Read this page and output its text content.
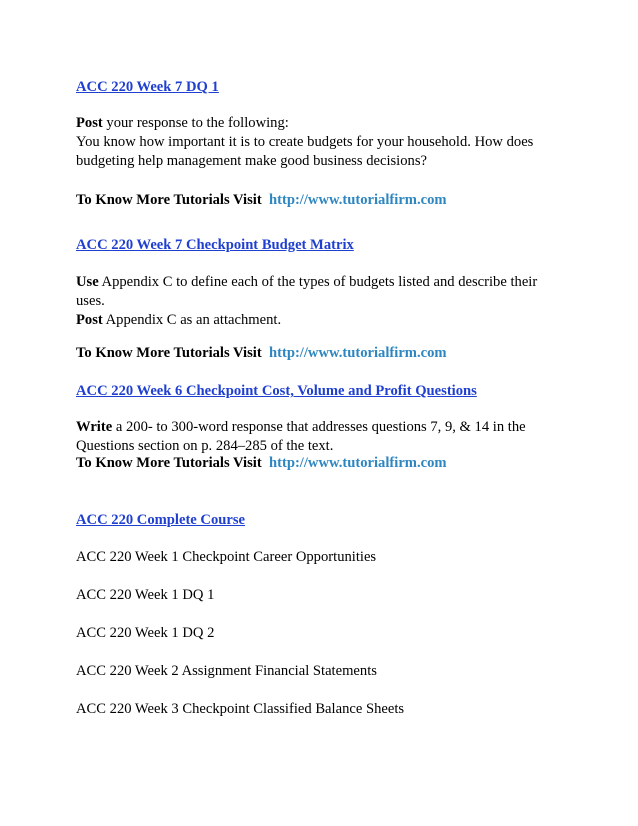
ACC 220 Week 7 DQ 1

Post your response to the following:
You know how important it is to create budgets for your household. How does
budgeting help management make good business decisions?

To Know More Tutorials Visit http://www.tutorialfirm.com
ACC 220 Week 7 Checkpoint Budget Matrix

Use Appendix C to define each of the types of budgets listed and describe their
uses.
Post Appendix C as an attachment.

To Know More Tutorials Visit http://www.tutorialfirm.com
ACC 220 Week 6 Checkpoint Cost, Volume and Profit Questions

Write a 200- to 300-word response that addresses questions 7, 9, & 14 in the
Questions section on p. 284–285 of the text.

To Know More Tutorials Visit http://www.tutorialfirm.com
ACC 220 Complete Course
ACC 220 Week 1 Checkpoint Career Opportunities
ACC 220 Week 1 DQ 1
ACC 220 Week 1 DQ 2
ACC 220 Week 2 Assignment Financial Statements
ACC 220 Week 3 Checkpoint Classified Balance Sheets
